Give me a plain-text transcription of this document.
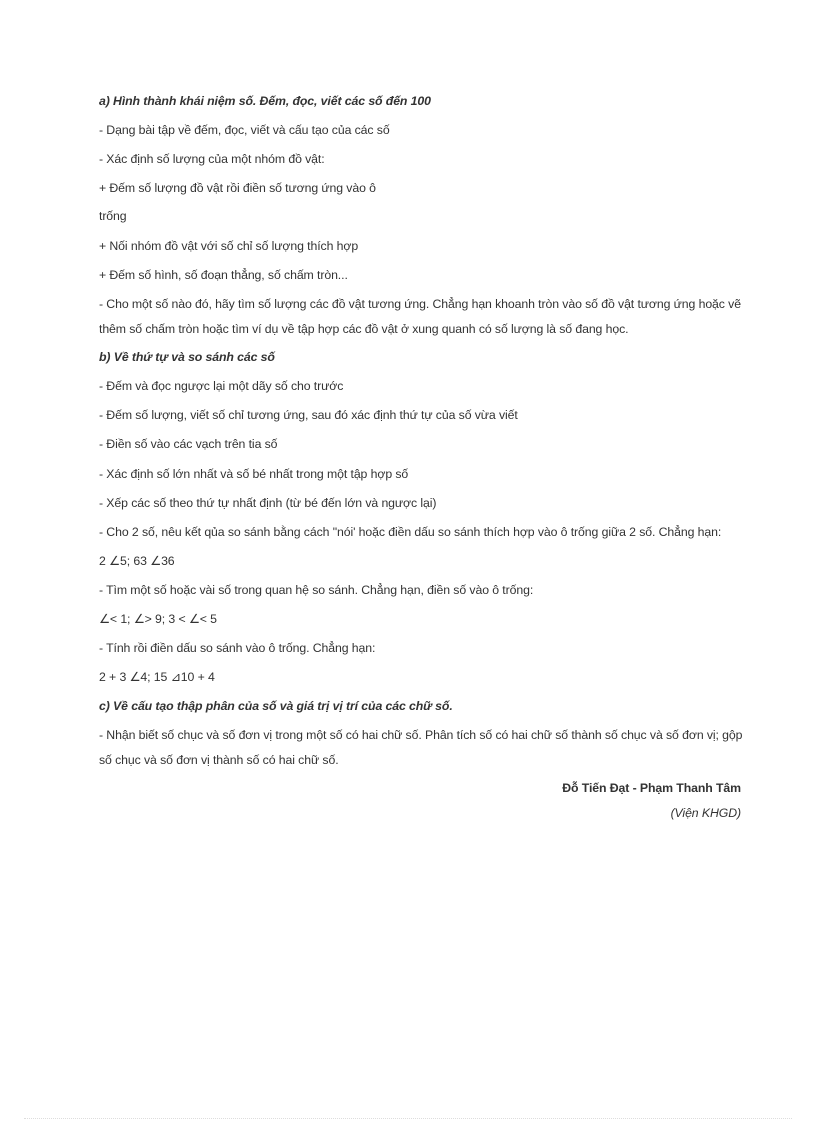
a) Hình thành khái niệm số. Đếm, đọc, viết các số đến 100
- Dạng bài tập về đếm, đọc, viết và cấu tạo của các số
- Xác định số lượng của một nhóm đồ vật:
+ Đếm số lượng đồ vật rồi điền số tương ứng vào ô
trống
+ Nối nhóm đồ vật với số chỉ số lượng thích hợp
+ Đếm số hình, số đoạn thẳng, số chấm tròn...
- Cho một số nào đó, hãy tìm số lượng các đồ vật tương ứng. Chẳng hạn khoanh tròn vào số đồ vật tương ứng hoặc vẽ
thêm số chấm tròn hoặc tìm ví dụ về tập hợp các đồ vật ở xung quanh có số lượng là số đang học.
b) Về thứ tự và so sánh các số
- Đếm và đọc ngược lại một dãy số cho trước
- Đếm số lượng, viết số chỉ tương ứng, sau đó xác định thứ tự của số vừa viết
- Điền số vào các vạch trên tia số
- Xác định số lớn nhất và số bé nhất trong một tập hợp số
- Xếp các số theo thứ tự nhất định (từ bé đến lớn và ngược lại)
- Cho 2 số, nêu kết qủa so sánh bằng cách "nói' hoặc điền dấu so sánh thích hợp vào ô trống giữa 2 số. Chẳng hạn:
2 ∠5; 63 ∠36
- Tìm một số hoặc vài số trong quan hệ so sánh. Chẳng hạn, điền số vào ô trống:
∠< 1; ∠> 9; 3 < ∠< 5
- Tính rồi điền dấu so sánh vào ô trống. Chẳng hạn:
2 + 3 ∠4; 15 ⊿10 + 4
c) Về cấu tạo thập phân của số và giá trị vị trí của các chữ số.
- Nhận biết số chục và số đơn vị trong một số có hai chữ số. Phân tích số có hai chữ số thành số chục và số đơn vị; gộp
số chục và số đơn vị thành số có hai chữ số.
Đỗ Tiến Đạt - Phạm Thanh Tâm
(Viện KHGD)
